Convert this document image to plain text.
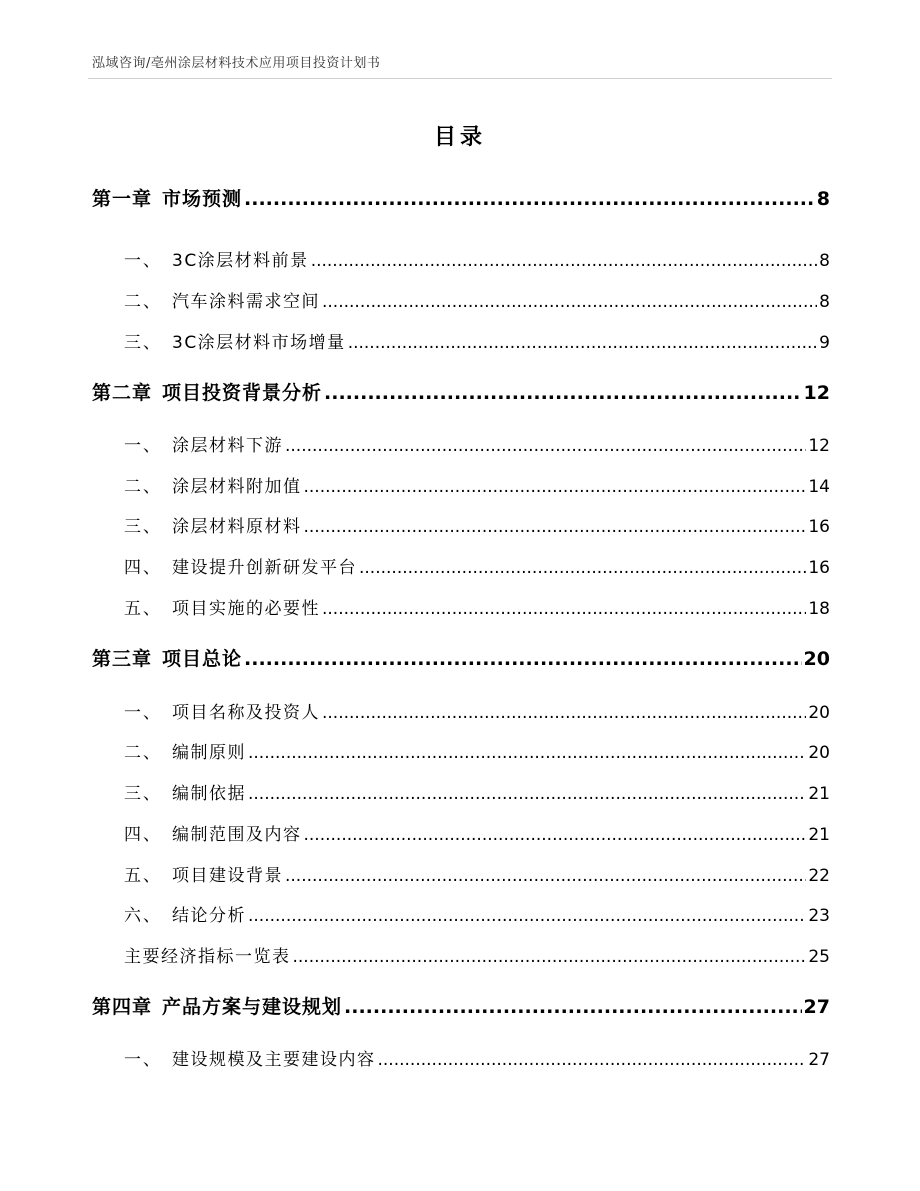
泓域咨询/亳州涂层材料技术应用项目投资计划书
目录
第一章 市场预测 .....	8
一、 3C涂层材料前景 .....	8
二、 汽车涂料需求空间 .....	8
三、 3C涂层材料市场增量 .....	9
第二章 项目投资背景分析 .....	12
一、 涂层材料下游 .....	12
二、 涂层材料附加值 .....	14
三、 涂层材料原材料 .....	16
四、 建设提升创新研发平台 .....	16
五、 项目实施的必要性 .....	18
第三章 项目总论 .....	20
一、 项目名称及投资人 .....	20
二、 编制原则 .....	20
三、 编制依据 .....	21
四、 编制范围及内容 .....	21
五、 项目建设背景 .....	22
六、 结论分析 .....	23
主要经济指标一览表 .....	25
第四章 产品方案与建设规划 .....	27
一、 建设规模及主要建设内容 .....	27
